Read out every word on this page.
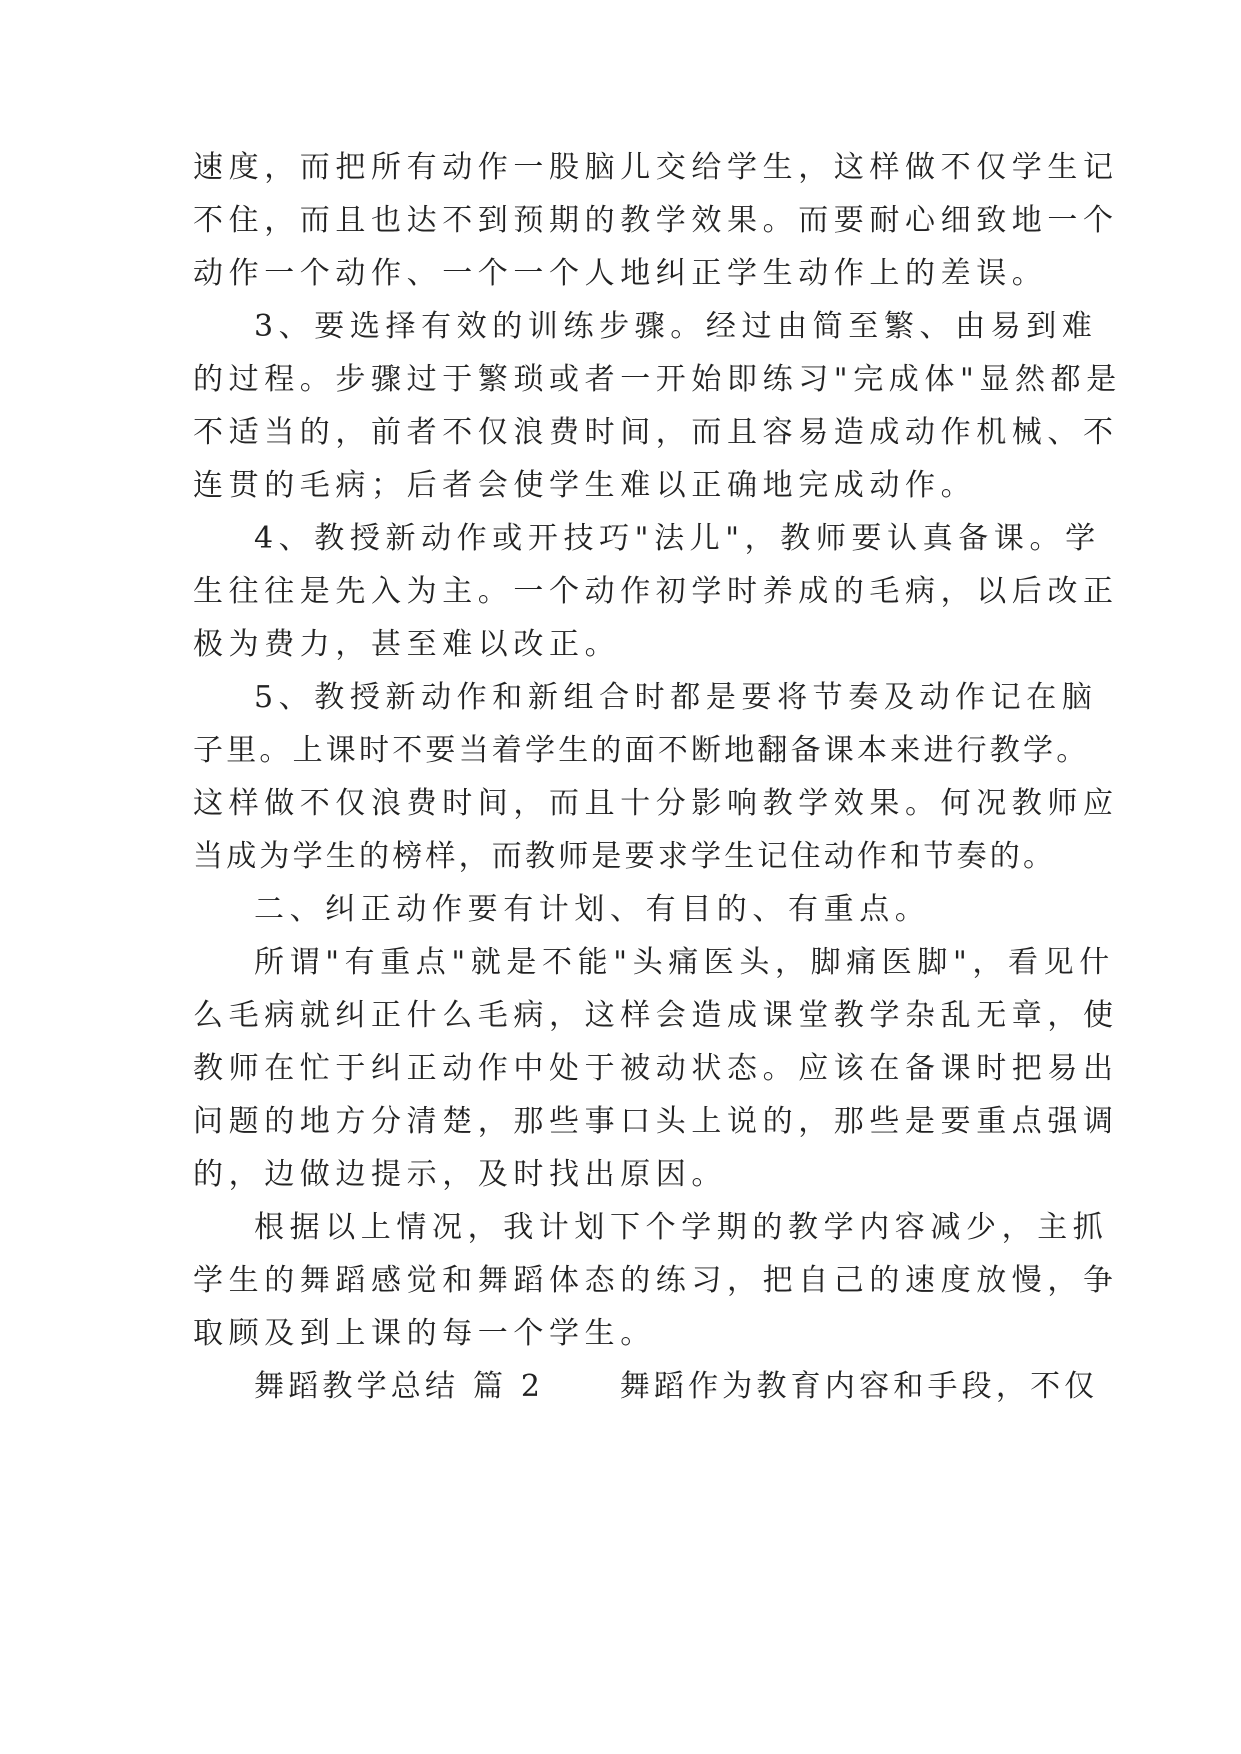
速度，而把所有动作一股脑儿交给学生，这样做不仅学生记
不住，而且也达不到预期的教学效果。而要耐心细致地一个
动作一个动作、一个一个人地纠正学生动作上的差误。
3、要选择有效的训练步骤。经过由简至繁、由易到难
的过程。步骤过于繁琐或者一开始即练习"完成体"显然都是
不适当的，前者不仅浪费时间，而且容易造成动作机械、不
连贯的毛病；后者会使学生难以正确地完成动作。
4、教授新动作或开技巧"法儿"，教师要认真备课。学
生往往是先入为主。一个动作初学时养成的毛病，以后改正
极为费力，甚至难以改正。
5、教授新动作和新组合时都是要将节奏及动作记在脑
子里。上课时不要当着学生的面不断地翻备课本来进行教学。
这样做不仅浪费时间，而且十分影响教学效果。何况教师应
当成为学生的榜样，而教师是要求学生记住动作和节奏的。
二、纠正动作要有计划、有目的、有重点。
所谓"有重点"就是不能"头痛医头，脚痛医脚"，看见什
么毛病就纠正什么毛病，这样会造成课堂教学杂乱无章，使
教师在忙于纠正动作中处于被动状态。应该在备课时把易出
问题的地方分清楚，那些事口头上说的，那些是要重点强调
的，边做边提示，及时找出原因。
根据以上情况，我计划下个学期的教学内容减少，主抓
学生的舞蹈感觉和舞蹈体态的练习，把自己的速度放慢，争
取顾及到上课的每一个学生。
舞蹈教学总结 篇 2	舞蹈作为教育内容和手段，不仅
